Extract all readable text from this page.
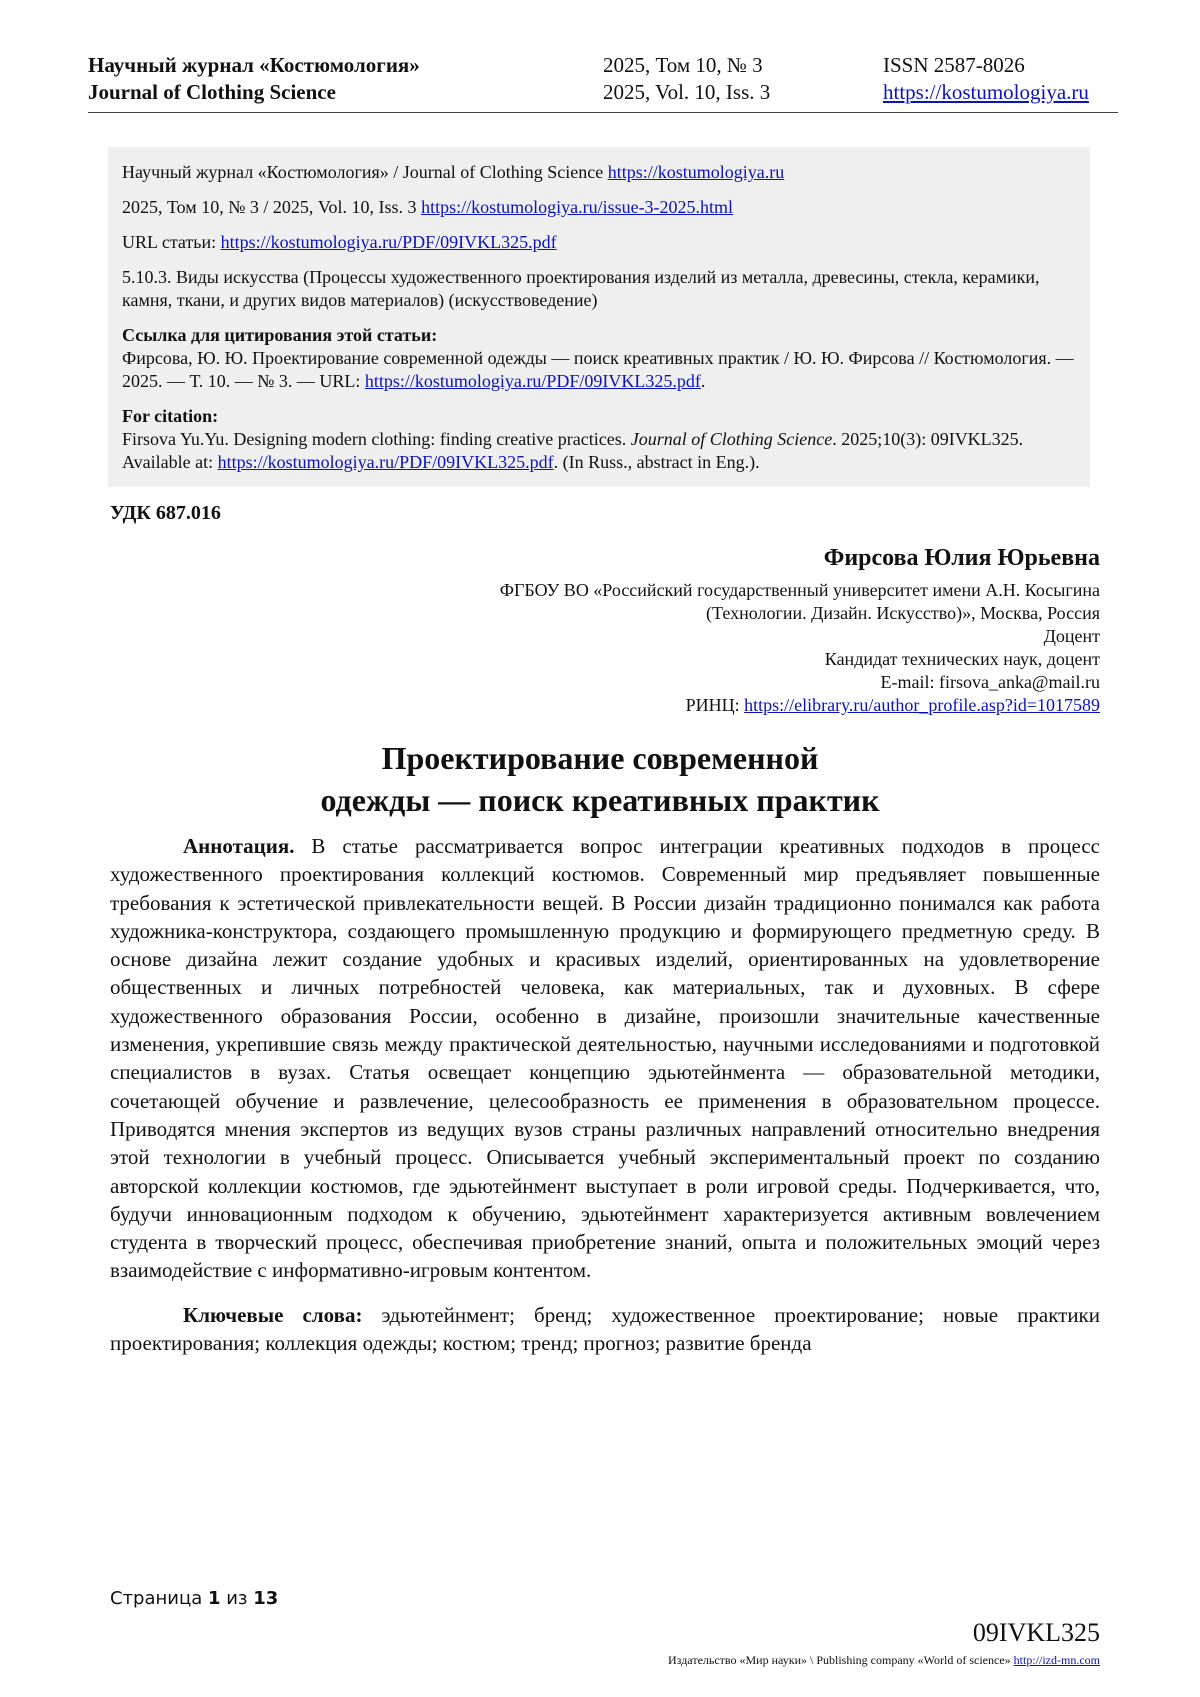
Научный журнал «Костюмология»
Journal of Clothing Science
2025, Том 10, № 3
2025, Vol. 10, Iss. 3
ISSN 2587-8026
https://kostumologiya.ru

Научный журнал «Костюмология» / Journal of Clothing Science https://kostumologiya.ru

2025, Том 10, № 3 / 2025, Vol. 10, Iss. 3 https://kostumologiya.ru/issue-3-2025.html

URL статьи: https://kostumologiya.ru/PDF/09IVKL325.pdf

5.10.3. Виды искусства (Процессы художественного проектирования изделий из металла, древесины, стекла, керамики, камня, ткани, и других видов материалов) (искусствоведение)

Ссылка для цитирования этой статьи:
Фирсова, Ю. Ю. Проектирование современной одежды — поиск креативных практик / Ю. Ю. Фирсова // Костюмология. — 2025. — Т. 10. — № 3. — URL: https://kostumologiya.ru/PDF/09IVKL325.pdf.

For citation:
Firsova Yu.Yu. Designing modern clothing: finding creative practices. Journal of Clothing Science. 2025;10(3): 09IVKL325. Available at: https://kostumologiya.ru/PDF/09IVKL325.pdf. (In Russ., abstract in Eng.).

УДК 687.016
Фирсова Юлия Юрьевна
ФГБОУ ВО «Российский государственный университет имени А.Н. Косыгина
(Технологии. Дизайн. Искусство)», Москва, Россия
Доцент
Кандидат технических наук, доцент
E-mail: firsova_anka@mail.ru
РИНЦ: https://elibrary.ru/author_profile.asp?id=1017589
Проектирование современной
одежды — поиск креативных практик

Аннотация. В статье рассматривается вопрос интеграции креативных подходов в процесс художественного проектирования коллекций костюмов. Современный мир предъявляет повышенные требования к эстетической привлекательности вещей. В России дизайн традиционно понимался как работа художника-конструктора, создающего промышленную продукцию и формирующего предметную среду. В основе дизайна лежит создание удобных и красивых изделий, ориентированных на удовлетворение общественных и личных потребностей человека, как материальных, так и духовных. В сфере художественного образования России, особенно в дизайне, произошли значительные качественные изменения, укрепившие связь между практической деятельностью, научными исследованиями и подготовкой специалистов в вузах. Статья освещает концепцию эдьютейнмента — образовательной методики, сочетающей обучение и развлечение, целесообразность ее применения в образовательном процессе. Приводятся мнения экспертов из ведущих вузов страны различных направлений относительно внедрения этой технологии в учебный процесс. Описывается учебный экспериментальный проект по созданию авторской коллекции костюмов, где эдьютейнмент выступает в роли игровой среды. Подчеркивается, что, будучи инновационным подходом к обучению, эдьютейнмент характеризуется активным вовлечением студента в творческий процесс, обеспечивая приобретение знаний, опыта и положительных эмоций через взаимодействие с информативно-игровым контентом.

Ключевые слова: эдьютейнмент; бренд; художественное проектирование; новые практики проектирования; коллекция одежды; костюм; тренд; прогноз; развитие бренда

Страница 1 из 13
09IVKL325
Издательство «Мир науки» \ Publishing company «World of science» http://izd-mn.com
